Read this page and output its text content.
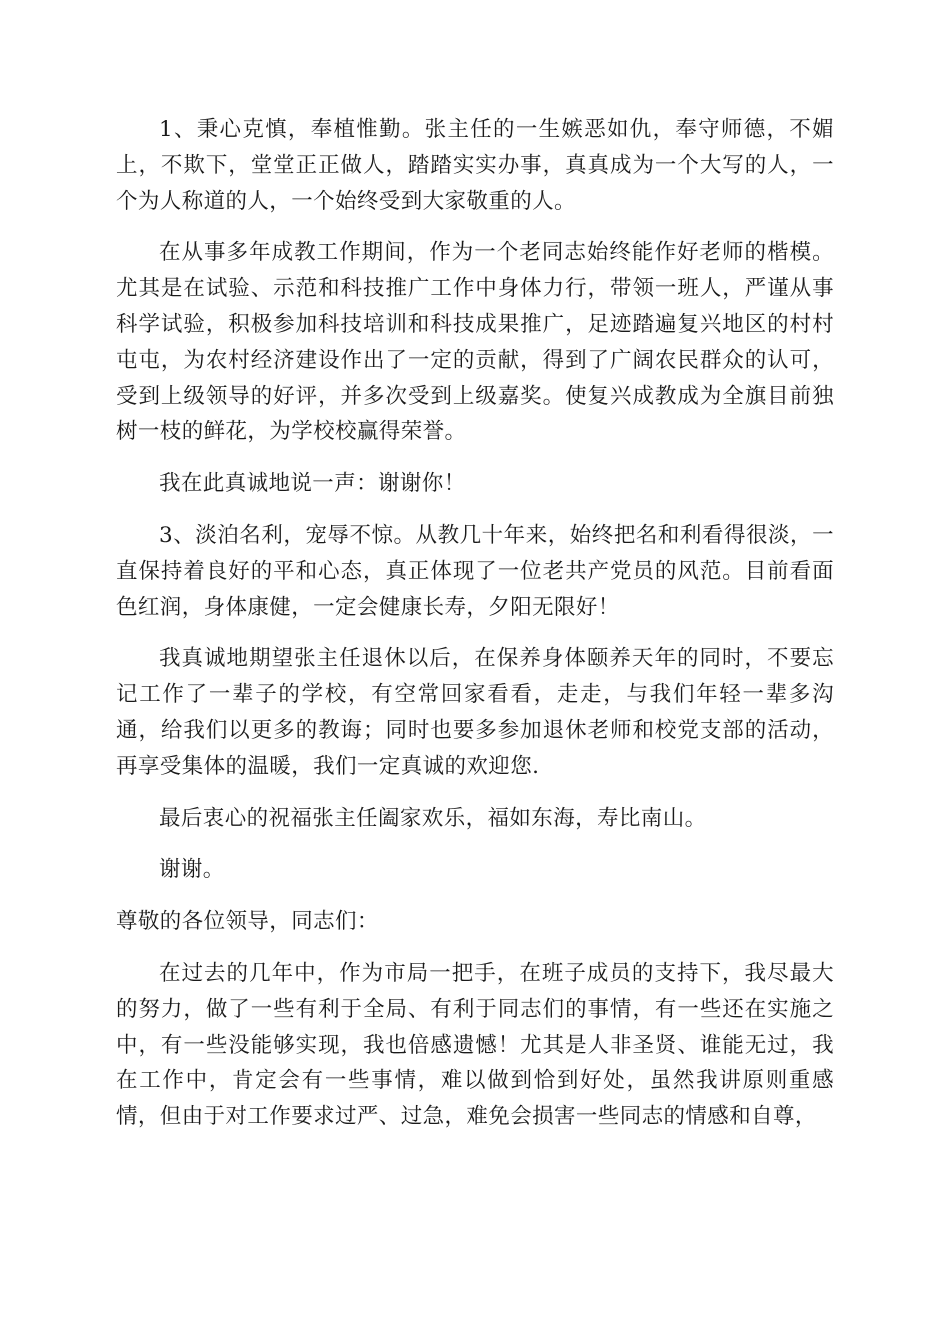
1、秉心克慎，奉植惟勤。张主任的一生嫉恶如仇，奉守师德，不媚上，不欺下，堂堂正正做人，踏踏实实办事，真真成为一个大写的人，一个为人称道的人，一个始终受到大家敬重的人。

在从事多年成教工作期间，作为一个老同志始终能作好老师的楷模。尤其是在试验、示范和科技推广工作中身体力行，带领一班人，严谨从事科学试验，积极参加科技培训和科技成果推广，足迹踏遍复兴地区的村村屯屯，为农村经济建设作出了一定的贡献，得到了广阔农民群众的认可，受到上级领导的好评，并多次受到上级嘉奖。使复兴成教成为全旗目前独树一枝的鲜花，为学校校赢得荣誉。

我在此真诚地说一声：谢谢你！

3、淡泊名利，宠辱不惊。从教几十年来，始终把名和利看得很淡，一直保持着良好的平和心态，真正体现了一位老共产党员的风范。目前看面色红润，身体康健，一定会健康长寿，夕阳无限好！

我真诚地期望张主任退休以后，在保养身体颐养天年的同时，不要忘记工作了一辈子的学校，有空常回家看看，走走，与我们年轻一辈多沟通，给我们以更多的教诲；同时也要多参加退休老师和校党支部的活动，再享受集体的温暖，我们一定真诚的欢迎您.

最后衷心的祝福张主任阖家欢乐，福如东海，寿比南山。

谢谢。

尊敬的各位领导，同志们：

在过去的几年中，作为市局一把手，在班子成员的支持下，我尽最大的努力，做了一些有利于全局、有利于同志们的事情，有一些还在实施之中，有一些没能够实现，我也倍感遗憾！尤其是人非圣贤、谁能无过，我在工作中，肯定会有一些事情，难以做到恰到好处，虽然我讲原则重感情，但由于对工作要求过严、过急，难免会损害一些同志的情感和自尊，
